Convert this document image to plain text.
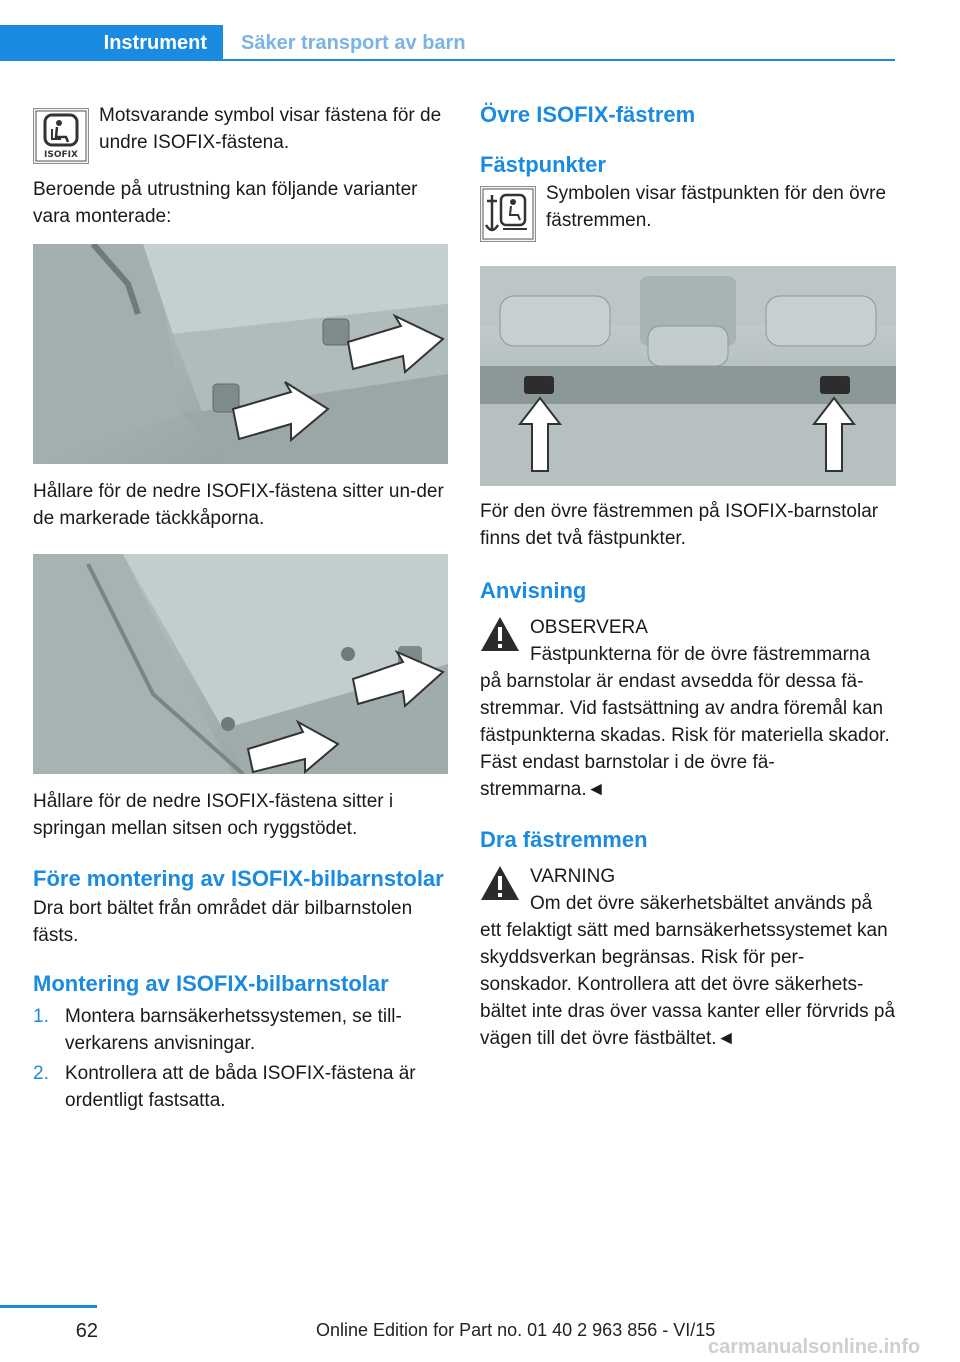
Instrument	Säker transport av barn
ISOFIX

Motsvarande symbol visar fästena för de undre ISOFIX-fästena.

Beroende på utrustning kan följande varianter vara monterade:

Hållare för de nedre ISOFIX-fästena sitter un-der de markerade täckkåporna.

Hållare för de nedre ISOFIX-fästena sitter i springan mellan sitsen och ryggstödet.

Före montering av ISOFIX-bilbarnstolar

Dra bort bältet från området där bilbarnstolen fästs.

Montering av ISOFIX-bilbarnstolar
1. Montera barnsäkerhetssystemen, se till-verkarens anvisningar.
2. Kontrollera att de båda ISOFIX-fästena är ordentligt fastsatta.
Övre ISOFIX-fästrem
Fästpunkter

Symbolen visar fästpunkten för den övre fästremmen.

För den övre fästremmen på ISOFIX-barnstolar finns det två fästpunkter.

Anvisning

OBSERVERA

Fästpunkterna för de övre fästremmarna på barnstolar är endast avsedda för dessa fä-stremmar. Vid fastsättning av andra föremål kan fästpunkterna skadas. Risk för materiella skador. Fäst endast barnstolar i de övre fä-stremmarna.◄

Dra fästremmen

VARNING

Om det övre säkerhetsbältet används på ett felaktigt sätt med barnsäkerhetssystemet kan skyddsverkan begränsas. Risk för per-sonskador. Kontrollera att det övre säkerhets-bältet inte dras över vassa kanter eller förvrids på vägen till det övre fästbältet.◄

62	Online Edition for Part no. 01 40 2 963 856 - VI/15
carmanualsonline.info
